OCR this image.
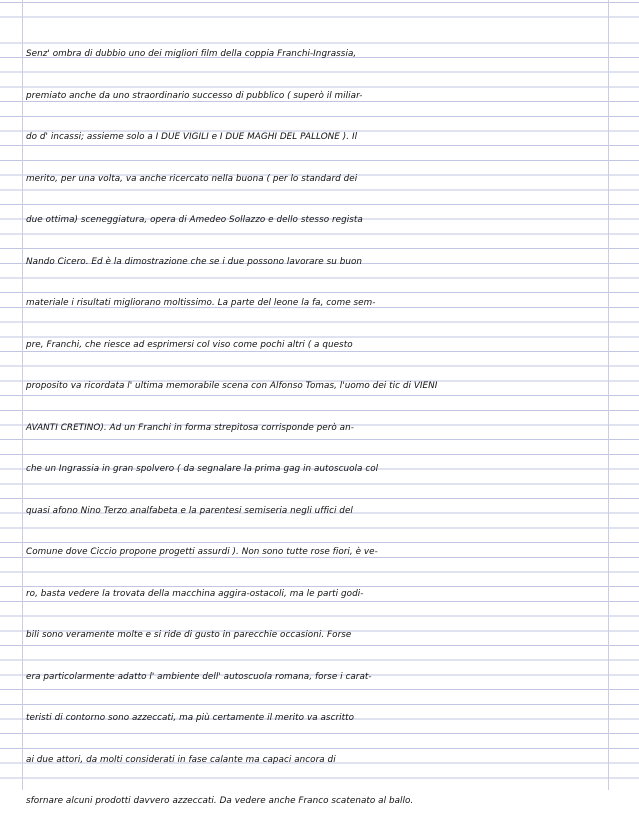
Senz' ombra di dubbio uno dei migliori film della coppia Franchi-Ingrassia,
premiato anche da uno straordinario successo di pubblico ( superò il miliar-
do d' incassi; assieme solo a I DUE VIGILI e I DUE MAGHI DEL PALLONE ). Il
merito, per una volta, va anche ricercato nella buona ( per lo standard dei
due ottima) sceneggiatura, opera di Amedeo Sollazzo e dello stesso regista
Nando Cicero. Ed è la dimostrazione che se i due possono lavorare su buon
materiale i risultati migliorano moltissimo. La parte del leone la fa, come sem-
pre, Franchi, che riesce ad esprimersi col viso come pochi altri ( a questo
proposito va ricordata l' ultima memorabile scena con Alfonso Tomas, l'uomo dei tic di VIENI
AVANTI CRETINO). Ad un Franchi in forma strepitosa corrisponde però an-
che un Ingrassia in gran spolvero ( da segnalare la prima gag in autoscuola col
quasi afono Nino Terzo analfabeta e la parentesi semiseria negli uffici del
Comune dove Ciccio propone progetti assurdi ). Non sono tutte rose fiori, è ve-
ro, basta vedere la trovata della macchina aggira-ostacoli, ma le parti godi-
bili sono veramente molte e si ride di gusto in parecchie occasioni. Forse
era particolarmente adatto l' ambiente dell' autoscuola romana, forse i carat-
teristi di contorno sono azzeccati, ma più certamente il merito va ascritto
ai due attori, da molti considerati in fase calante ma capaci ancora di
sfornare alcuni prodotti davvero azzeccati. Da vedere anche Franco scatenato al ballo.
